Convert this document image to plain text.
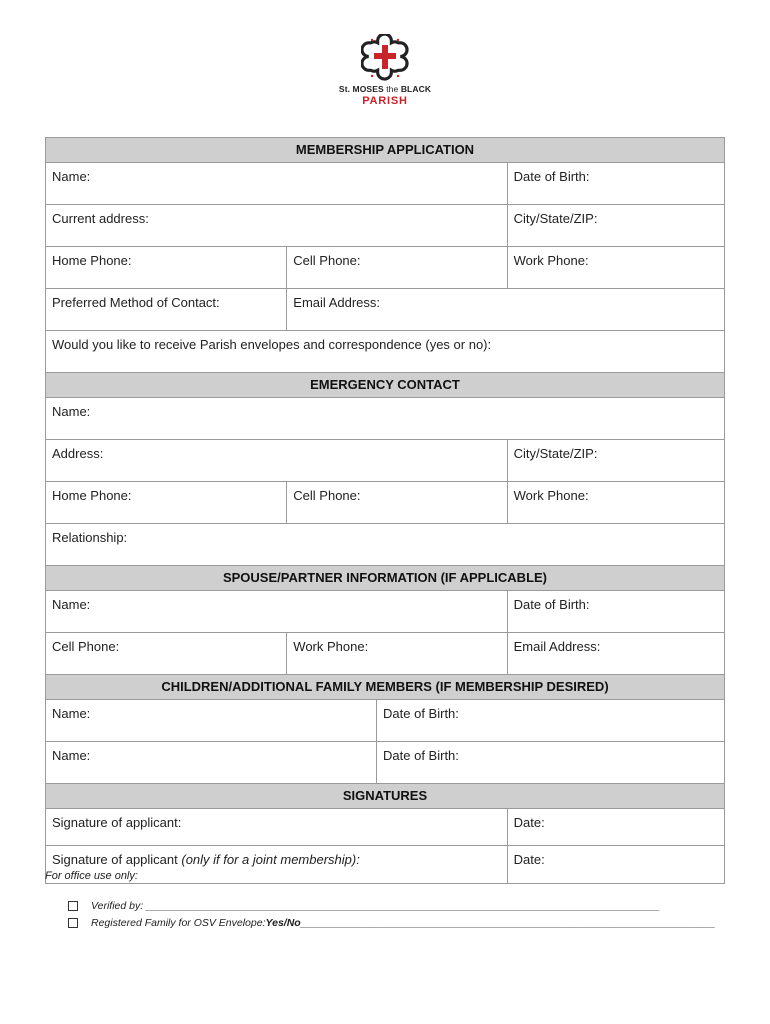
St. MOSES the BLACK
PARISH
MEMBERSHIP APPLICATION
Name:	Date of Birth:
Current address:	City/State/ZIP:
Home Phone:	Cell Phone:	Work Phone:
Preferred Method of Contact:	Email Address:
Would you like to receive Parish envelopes and correspondence (yes or no):
EMERGENCY CONTACT
Name:
Address:	City/State/ZIP:
Home Phone:	Cell Phone:	Work Phone:
Relationship:
SPOUSE/PARTNER INFORMATION (IF APPLICABLE)
Name:	Date of Birth:
Cell Phone:	Work Phone:	Email Address:
CHILDREN/ADDITIONAL FAMILY MEMBERS (IF MEMBERSHIP DESIRED)
Name:	Date of Birth:
Name:	Date of Birth:
SIGNATURES
Signature of applicant:	Date:
Signature of applicant (only if for a joint membership):	Date:
For office use only:
Verified by: ________________________________________________________________________________________
Registered Family for OSV Envelope: Yes/No _______________________________________________________________________
